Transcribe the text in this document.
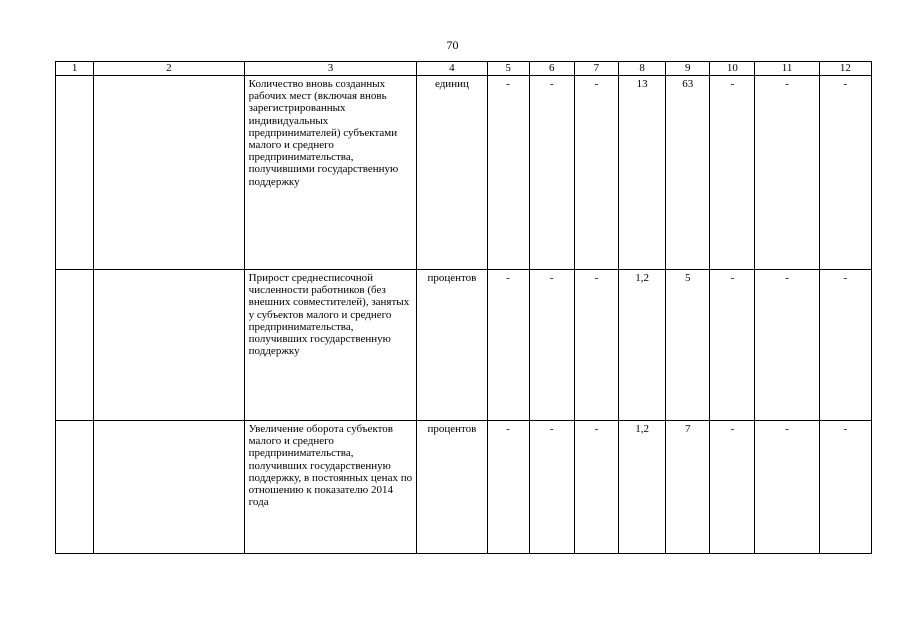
70
1	2	3	4	5	6	7	8	9	10	11	12
		Количество вновь созданных рабочих мест (включая вновь зарегистрированных индивидуальных предпринимателей) субъектами малого и среднего предпринимательства, получившими государственную поддержку	единиц	-	-	-	13	63	-	-	-
		Прирост среднесписочной численности работников (без внешних совместителей), занятых у субъектов малого и среднего предпринимательства, получивших государственную поддержку	процентов	-	-	-	1,2	5	-	-	-
		Увеличение оборота субъектов малого и среднего предпринимательства, получивших государственную поддержку, в постоянных ценах по отношению к показателю 2014 года	процентов	-	-	-	1,2	7	-	-	-
